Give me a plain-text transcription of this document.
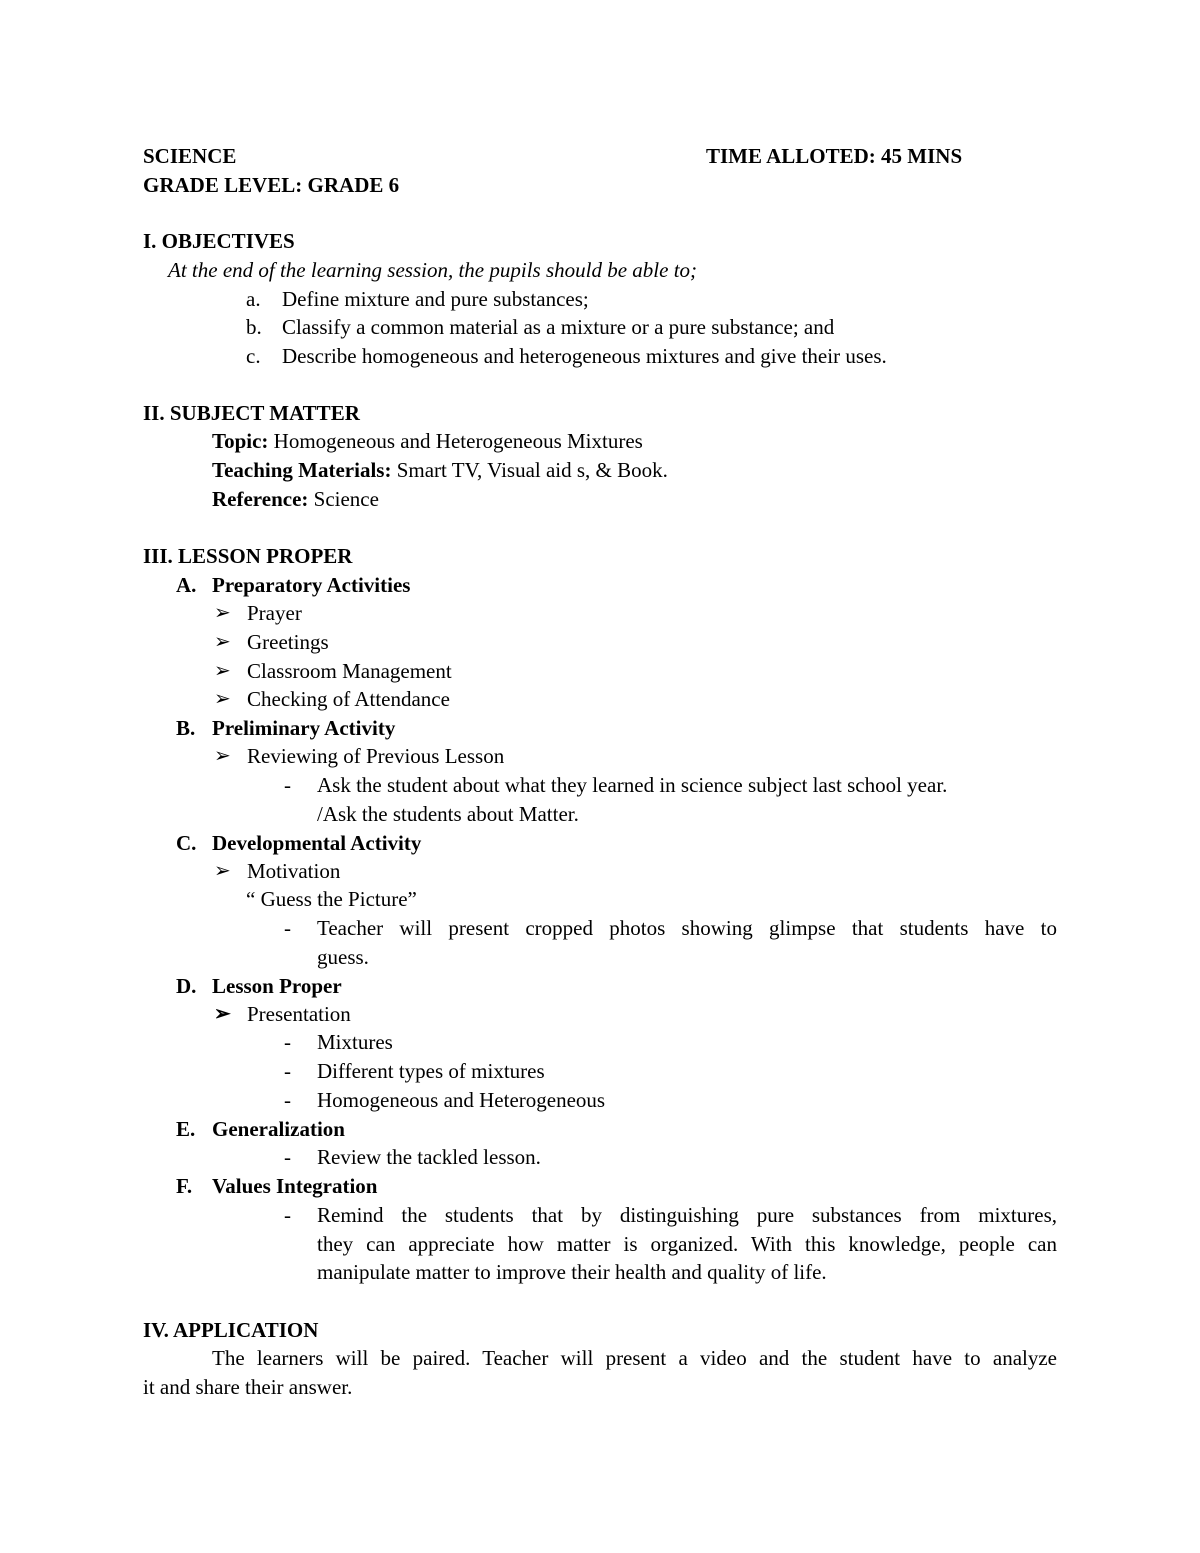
SCIENCE	TIME ALLOTED: 45 MINS
GRADE LEVEL: GRADE 6
I. OBJECTIVES
At the end of the learning session, the pupils should be able to;
a. Define mixture and pure substances;
b. Classify a common material as a mixture or a pure substance; and
c. Describe homogeneous and heterogeneous mixtures and give their uses.
II. SUBJECT MATTER
Topic: Homogeneous and Heterogeneous Mixtures
Teaching Materials: Smart TV, Visual aid s, & Book.
Reference: Science
III. LESSON PROPER
A. Preparatory Activities
➢ Prayer
➢ Greetings
➢ Classroom Management
➢ Checking of Attendance
B. Preliminary Activity
➢ Reviewing of Previous Lesson
- Ask the student about what they learned in science subject last school year.
/Ask the students about Matter.
C. Developmental Activity
➢ Motivation
“ Guess the Picture”
- Teacher will present cropped photos showing glimpse that students have to
guess.
D. Lesson Proper
➢ Presentation
- Mixtures
- Different types of mixtures
- Homogeneous and Heterogeneous
E. Generalization
- Review the tackled lesson.
F. Values Integration
- Remind the students that by distinguishing pure substances from mixtures,
they can appreciate how matter is organized. With this knowledge, people can
manipulate matter to improve their health and quality of life.
IV. APPLICATION
The learners will be paired. Teacher will present a video and the student have to analyze
it and share their answer.
